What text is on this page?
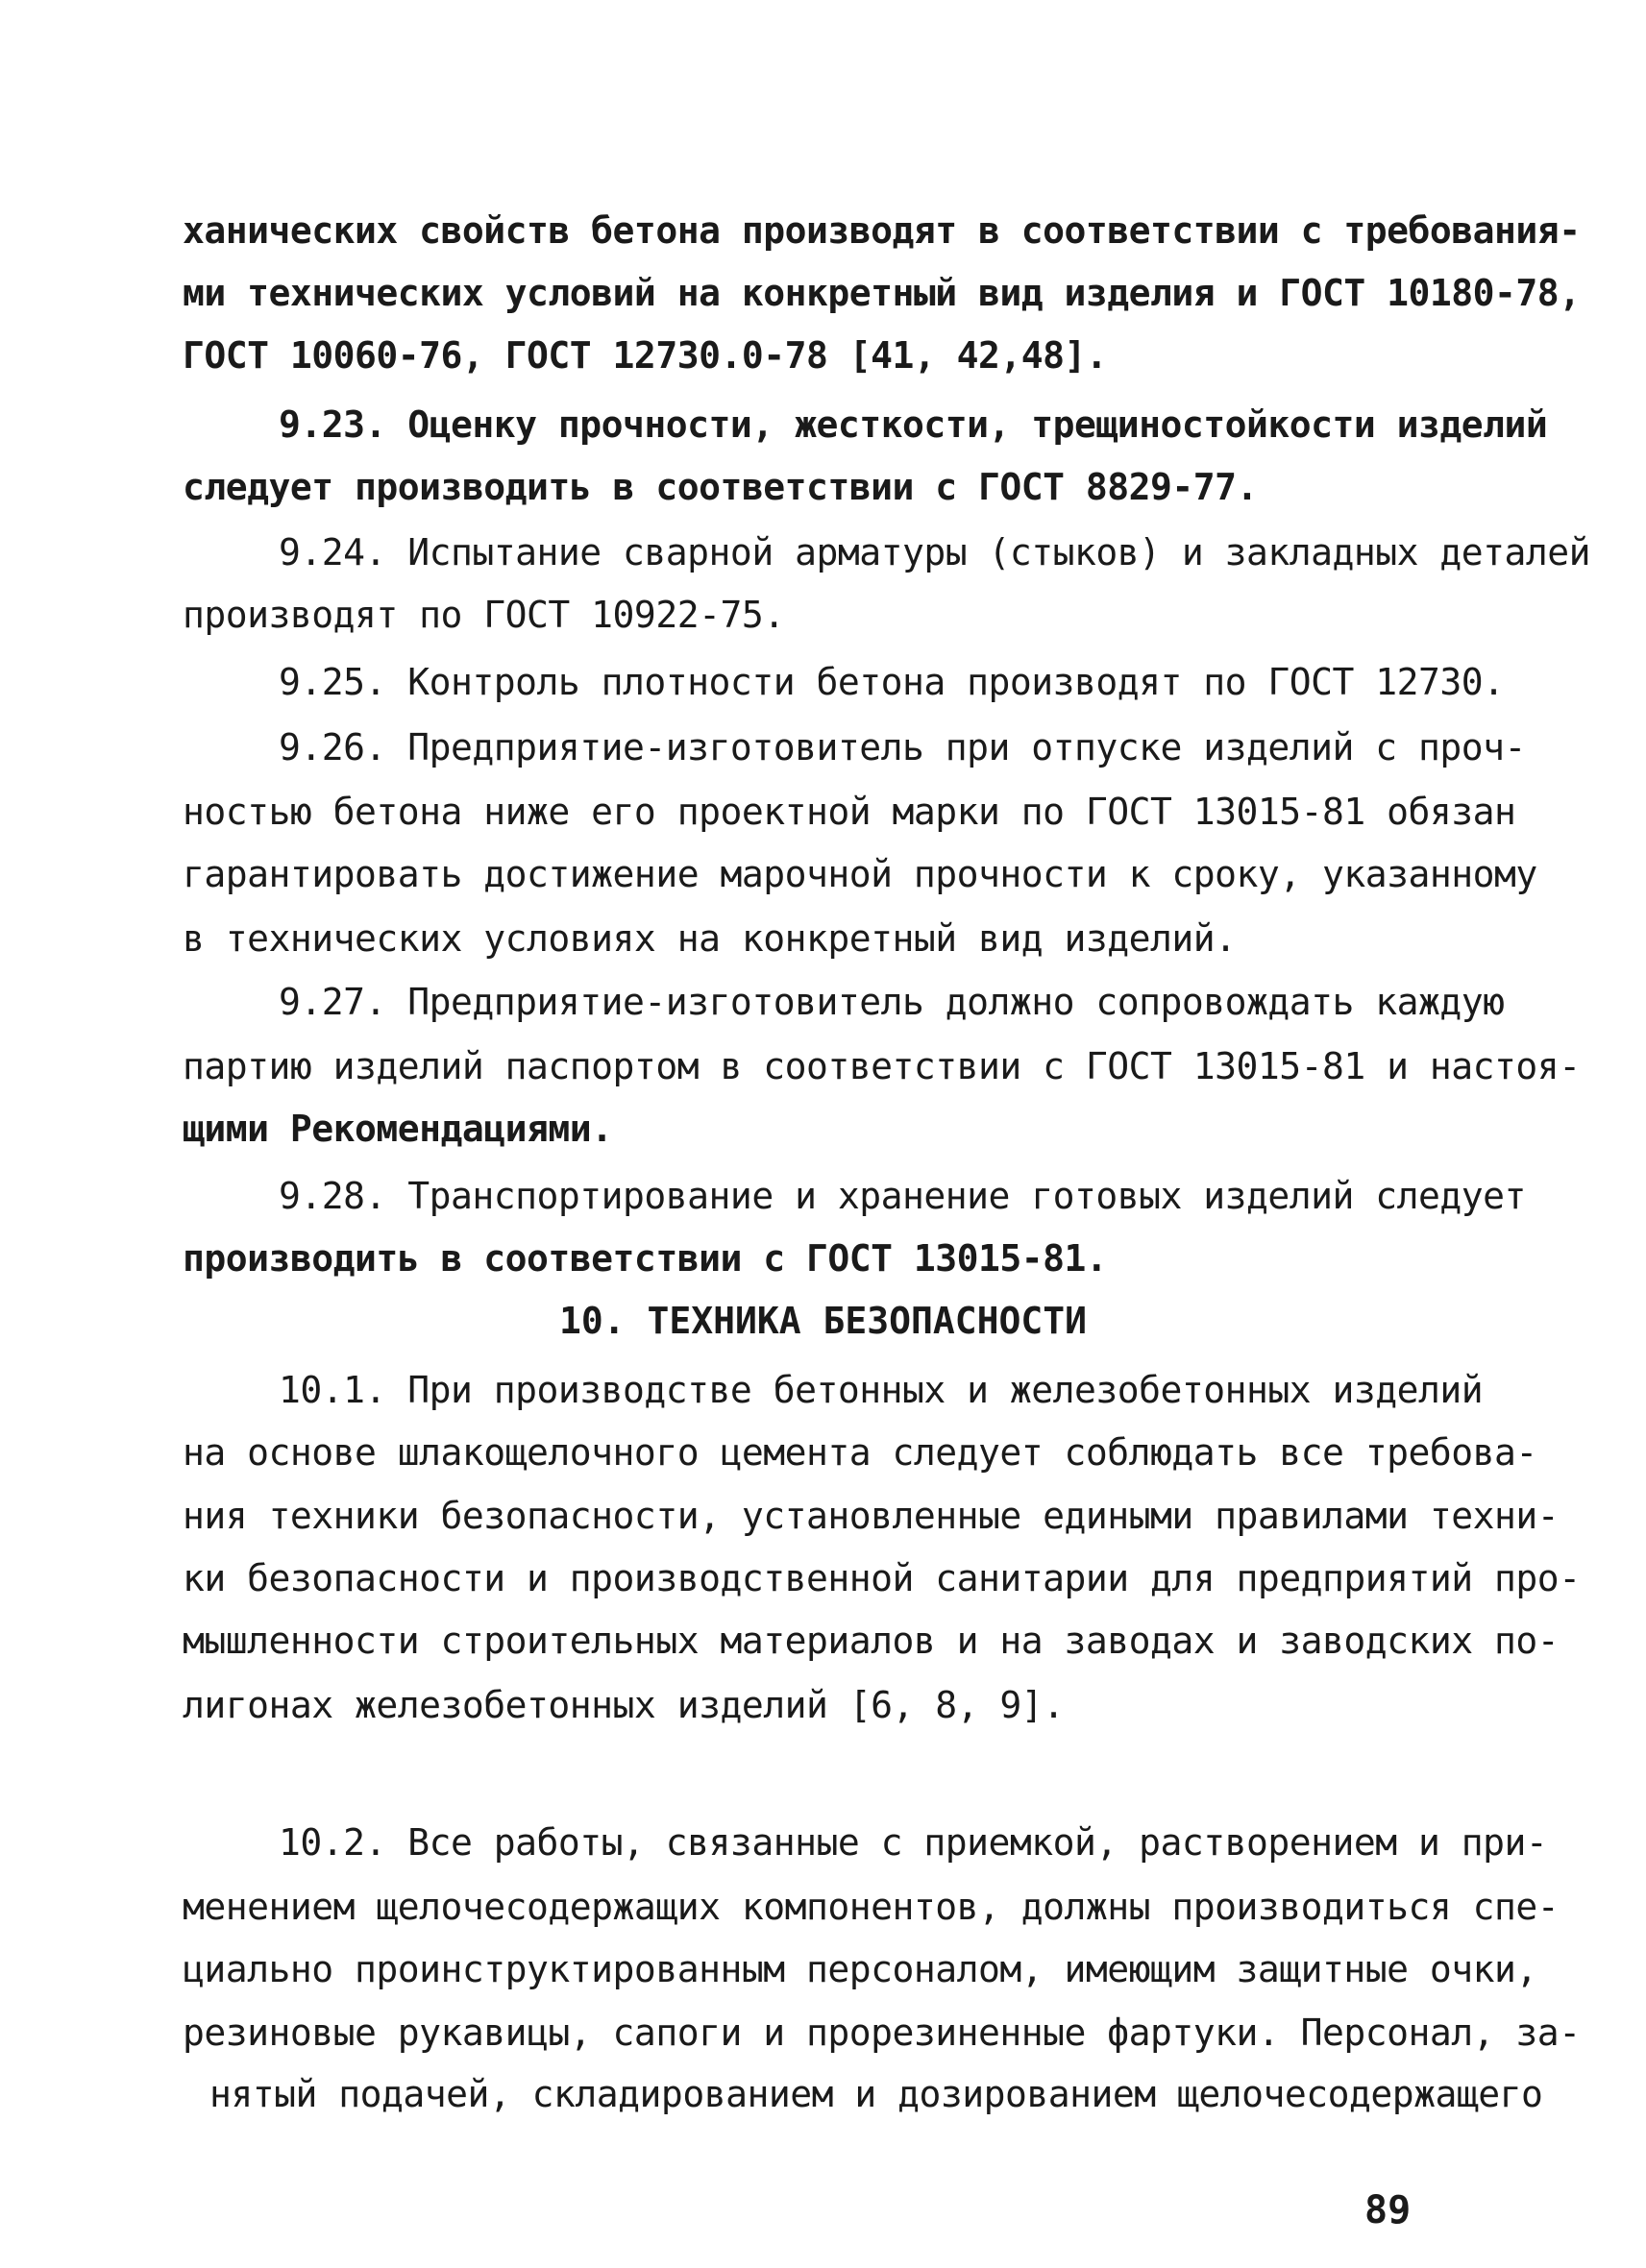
ханических свойств бетона производят в соответствии с требования-
ми технических условий на конкретный вид изделия и ГОСТ 10180-78,
ГОСТ 10060-76, ГОСТ 12730.0-78 [41, 42,48].
9.23. Оценку прочности, жесткости, трещиностойкости изделий
следует производить в соответствии с ГОСТ 8829-77.
9.24. Испытание сварной арматуры (стыков) и закладных деталей
производят по ГОСТ 10922-75.
9.25. Контроль плотности бетона производят по ГОСТ 12730.
9.26. Предприятие-изготовитель при отпуске изделий с проч-
ностью бетона ниже его проектной марки по ГОСТ 13015-81 обязан
гарантировать достижение марочной прочности к сроку, указанному
в технических условиях на конкретный вид изделий.
9.27. Предприятие-изготовитель должно сопровождать каждую
партию изделий паспортом в соответствии с ГОСТ 13015-81 и настоя-
щими Рекомендациями.
9.28. Транспортирование и хранение готовых изделий следует
производить в соответствии с ГОСТ 13015-81.
10. ТЕХНИКА БЕЗОПАСНОСТИ
10.1. При производстве бетонных и железобетонных изделий
на основе шлакощелочного цемента следует соблюдать все требова-
ния техники безопасности, установленные едиными правилами техни-
ки безопасности и производственной санитарии для предприятий про-
мышленности строительных материалов и на заводах и заводских по-
лигонах железобетонных изделий [6, 8, 9].
10.2. Все работы, связанные с приемкой, растворением и при-
менением щелочесодержащих компонентов, должны производиться спе-
циально проинструктированным персоналом, имеющим защитные очки,
резиновые рукавицы, сапоги и прорезиненные фартуки. Персонал, за-
нятый подачей, складированием и дозированием щелочесодержащего
89
